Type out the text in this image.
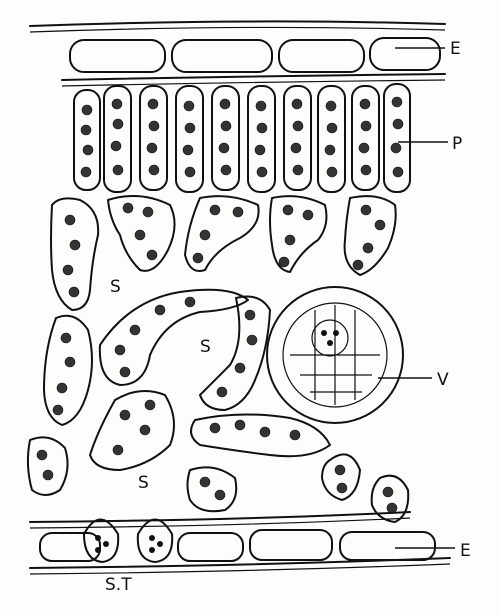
E
P
S
S
V
S
E
S.T
